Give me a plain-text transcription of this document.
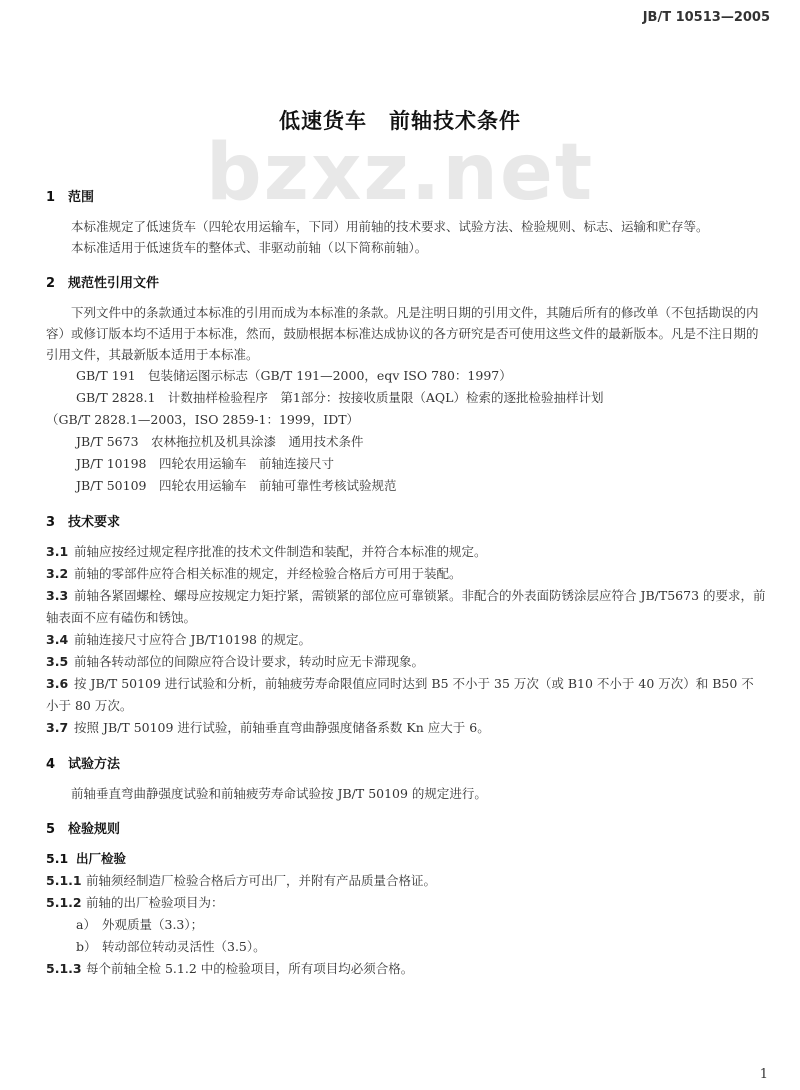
JB/T 10513—2005
bzxz.net
低速货车　前轴技术条件
1 范围

本标准规定了低速货车（四轮农用运输车，下同）用前轴的技术要求、试验方法、检验规则、标志、运输和贮存等。

本标准适用于低速货车的整体式、非驱动前轴（以下简称前轴）。

2 规范性引用文件

下列文件中的条款通过本标准的引用而成为本标准的条款。凡是注明日期的引用文件，其随后所有的修改单（不包括勘误的内容）或修订版本均不适用于本标准，然而，鼓励根据本标准达成协议的各方研究是否可使用这些文件的最新版本。凡是不注日期的引用文件，其最新版本适用于本标准。

GB/T 191　包装储运图示标志（GB/T 191—2000，eqv ISO 780：1997）

GB/T 2828.1　计数抽样检验程序　第1部分：按接收质量限（AQL）检索的逐批检验抽样计划

（GB/T 2828.1—2003，ISO 2859-1：1999，IDT）

JB/T 5673　农林拖拉机及机具涂漆　通用技术条件

JB/T 10198　四轮农用运输车　前轴连接尺寸

JB/T 50109　四轮农用运输车　前轴可靠性考核试验规范

3 技术要求

3.1 前轴应按经过规定程序批准的技术文件制造和装配，并符合本标准的规定。

3.2 前轴的零部件应符合相关标准的规定，并经检验合格后方可用于装配。

3.3 前轴各紧固螺栓、螺母应按规定力矩拧紧，需锁紧的部位应可靠锁紧。非配合的外表面防锈涂层应符合 JB/T5673 的要求，前轴表面不应有磕伤和锈蚀。

3.4 前轴连接尺寸应符合 JB/T10198 的规定。

3.5 前轴各转动部位的间隙应符合设计要求，转动时应无卡滞现象。

3.6 按 JB/T 50109 进行试验和分析，前轴疲劳寿命限值应同时达到 B5 不小于 35 万次（或 B10 不小于 40 万次）和 B50 不小于 80 万次。

3.7 按照 JB/T 50109 进行试验，前轴垂直弯曲静强度储备系数 Kn 应大于 6。

4 试验方法

前轴垂直弯曲静强度试验和前轴疲劳寿命试验按 JB/T 50109 的规定进行。

5 检验规则

5.1 出厂检验

5.1.1 前轴须经制造厂检验合格后方可出厂，并附有产品质量合格证。

5.1.2 前轴的出厂检验项目为：

a） 外观质量（3.3）；

b） 转动部位转动灵活性（3.5）。

5.1.3 每个前轴全检 5.1.2 中的检验项目，所有项目均必须合格。

1
